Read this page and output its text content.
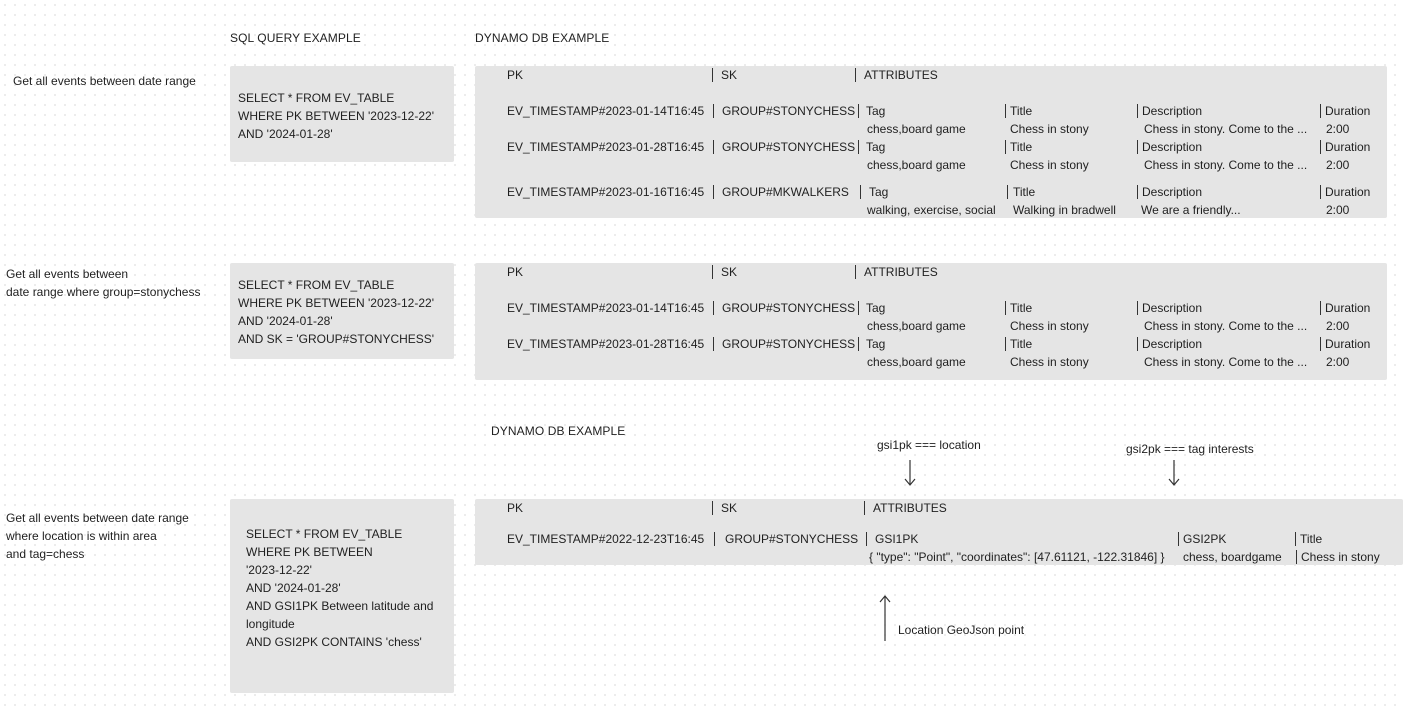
SQL QUERY EXAMPLE	DYNAMO DB EXAMPLE
DYNAMO DB EXAMPLE
Get all events between date range
Get all events between
date range where group=stonychess
Get all events between date range
where location is within area
and tag=chess
SELECT * FROM EV_TABLE
WHERE PK BETWEEN '2023-12-22'
AND '2024-01-28'
SELECT * FROM EV_TABLE
WHERE PK BETWEEN '2023-12-22'
AND '2024-01-28'
AND SK = 'GROUP#STONYCHESS'
SELECT * FROM EV_TABLE
WHERE PK BETWEEN
'2023-12-22'
AND '2024-01-28'
AND GSI1PK Between latitude and
longitude
AND GSI2PK CONTAINS 'chess'
PK	SK	ATTRIBUTES
EV_TIMESTAMP#2023-01-14T16:45 GROUP#STONYCHESS Tag
chess,board game
Title
Chess in stony
Description
Chess in stony. Come to the ...
Duration
2:00
EV_TIMESTAMP#2023-01-28T16:45 GROUP#STONYCHESS Tag
chess,board game
Title
Chess in stony
Description
Chess in stony. Come to the ...
Duration
2:00
EV_TIMESTAMP#2023-01-16T16:45 GROUP#MKWALKERS Tag
walking, exercise, social
Title
Walking in bradwell
Description
We are a friendly...
Duration
2:00
PK	SK	ATTRIBUTES
EV_TIMESTAMP#2023-01-14T16:45 GROUP#STONYCHESS Tag
chess,board game
Title
Chess in stony
Description
Chess in stony. Come to the ...
Duration
2:00
EV_TIMESTAMP#2023-01-28T16:45 GROUP#STONYCHESS Tag
chess,board game
Title
Chess in stony
Description
Chess in stony. Come to the ...
Duration
2:00
gsi1pk === location	gsi2pk === tag interests
PK	SK	ATTRIBUTES
EV_TIMESTAMP#2022-12-23T16:45 GROUP#STONYCHESS GSI1PK
{ "type": "Point", "coordinates": [47.61121, -122.31846] }
GSI2PK
chess, boardgame
Title
Chess in stony
Location GeoJson point
